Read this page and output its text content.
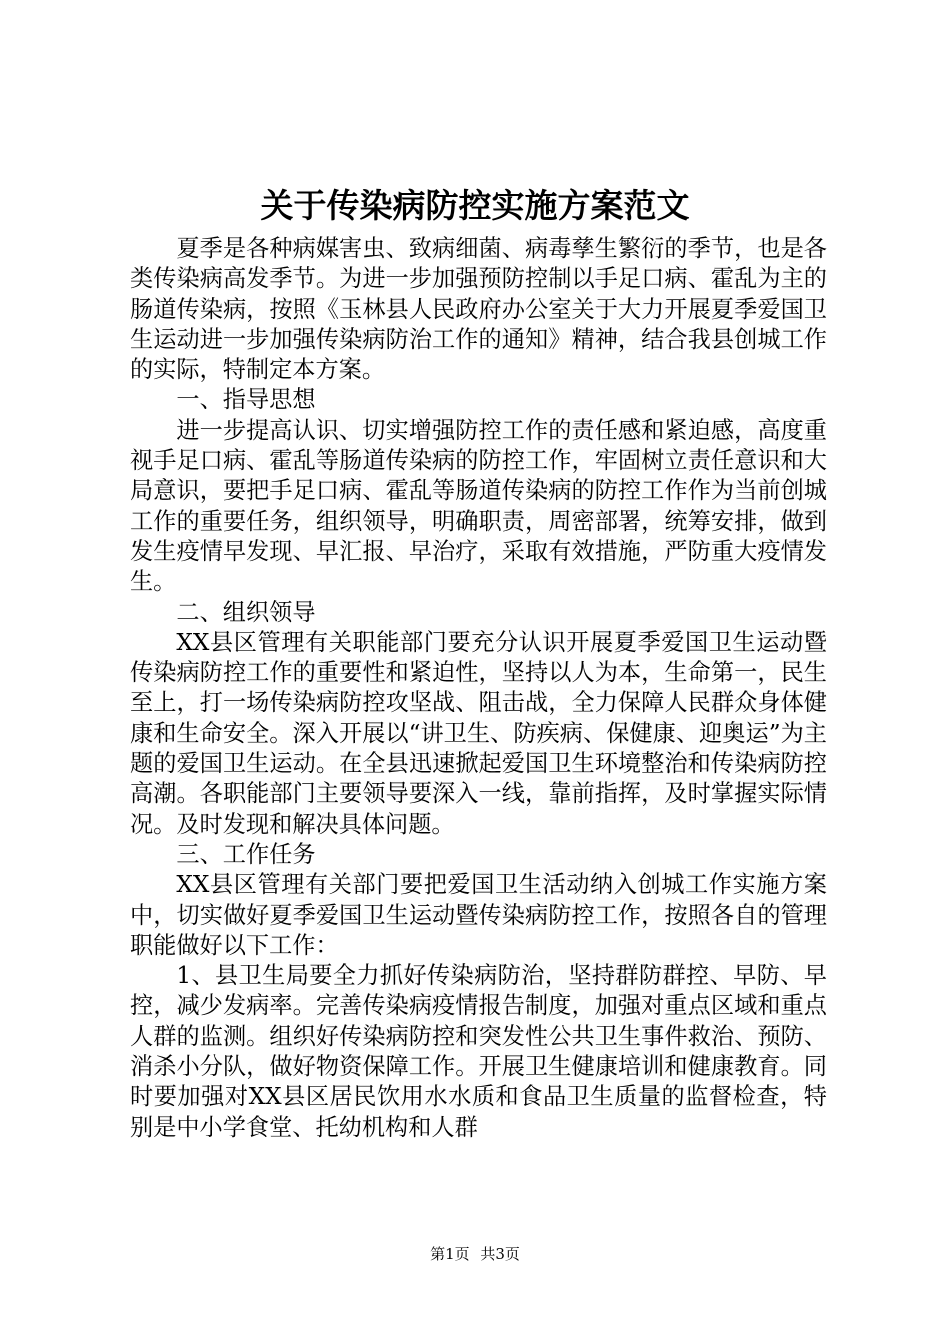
关于传染病防控实施方案范文

夏季是各种病媒害虫、致病细菌、病毒孳生繁衍的季节，也是各类传染病高发季节。为进一步加强预防控制以手足口病、霍乱为主的肠道传染病，按照《玉林县人民政府办公室关于大力开展夏季爱国卫生运动进一步加强传染病防治工作的通知》精神，结合我县创城工作的实际，特制定本方案。

一、指导思想

进一步提高认识、切实增强防控工作的责任感和紧迫感，高度重视手足口病、霍乱等肠道传染病的防控工作，牢固树立责任意识和大局意识，要把手足口病、霍乱等肠道传染病的防控工作作为当前创城工作的重要任务，组织领导，明确职责，周密部署，统筹安排，做到发生疫情早发现、早汇报、早治疗，采取有效措施，严防重大疫情发生。

二、组织领导

XX县区管理有关职能部门要充分认识开展夏季爱国卫生运动暨传染病防控工作的重要性和紧迫性，坚持以人为本，生命第一，民生至上，打一场传染病防控攻坚战、阻击战，全力保障人民群众身体健康和生命安全。深入开展以“讲卫生、防疾病、保健康、迎奥运”为主题的爱国卫生运动。在全县迅速掀起爱国卫生环境整治和传染病防控高潮。各职能部门主要领导要深入一线，靠前指挥，及时掌握实际情况。及时发现和解决具体问题。

三、工作任务

XX县区管理有关部门要把爱国卫生活动纳入创城工作实施方案中，切实做好夏季爱国卫生运动暨传染病防控工作，按照各自的管理职能做好以下工作：

1、县卫生局要全力抓好传染病防治，坚持群防群控、早防、早控，减少发病率。完善传染病疫情报告制度，加强对重点区域和重点人群的监测。组织好传染病防控和突发性公共卫生事件救治、预防、消杀小分队，做好物资保障工作。开展卫生健康培训和健康教育。同时要加强对XX县区居民饮用水水质和食品卫生质量的监督检查，特别是中小学食堂、托幼机构和人群

第1页 共3页
